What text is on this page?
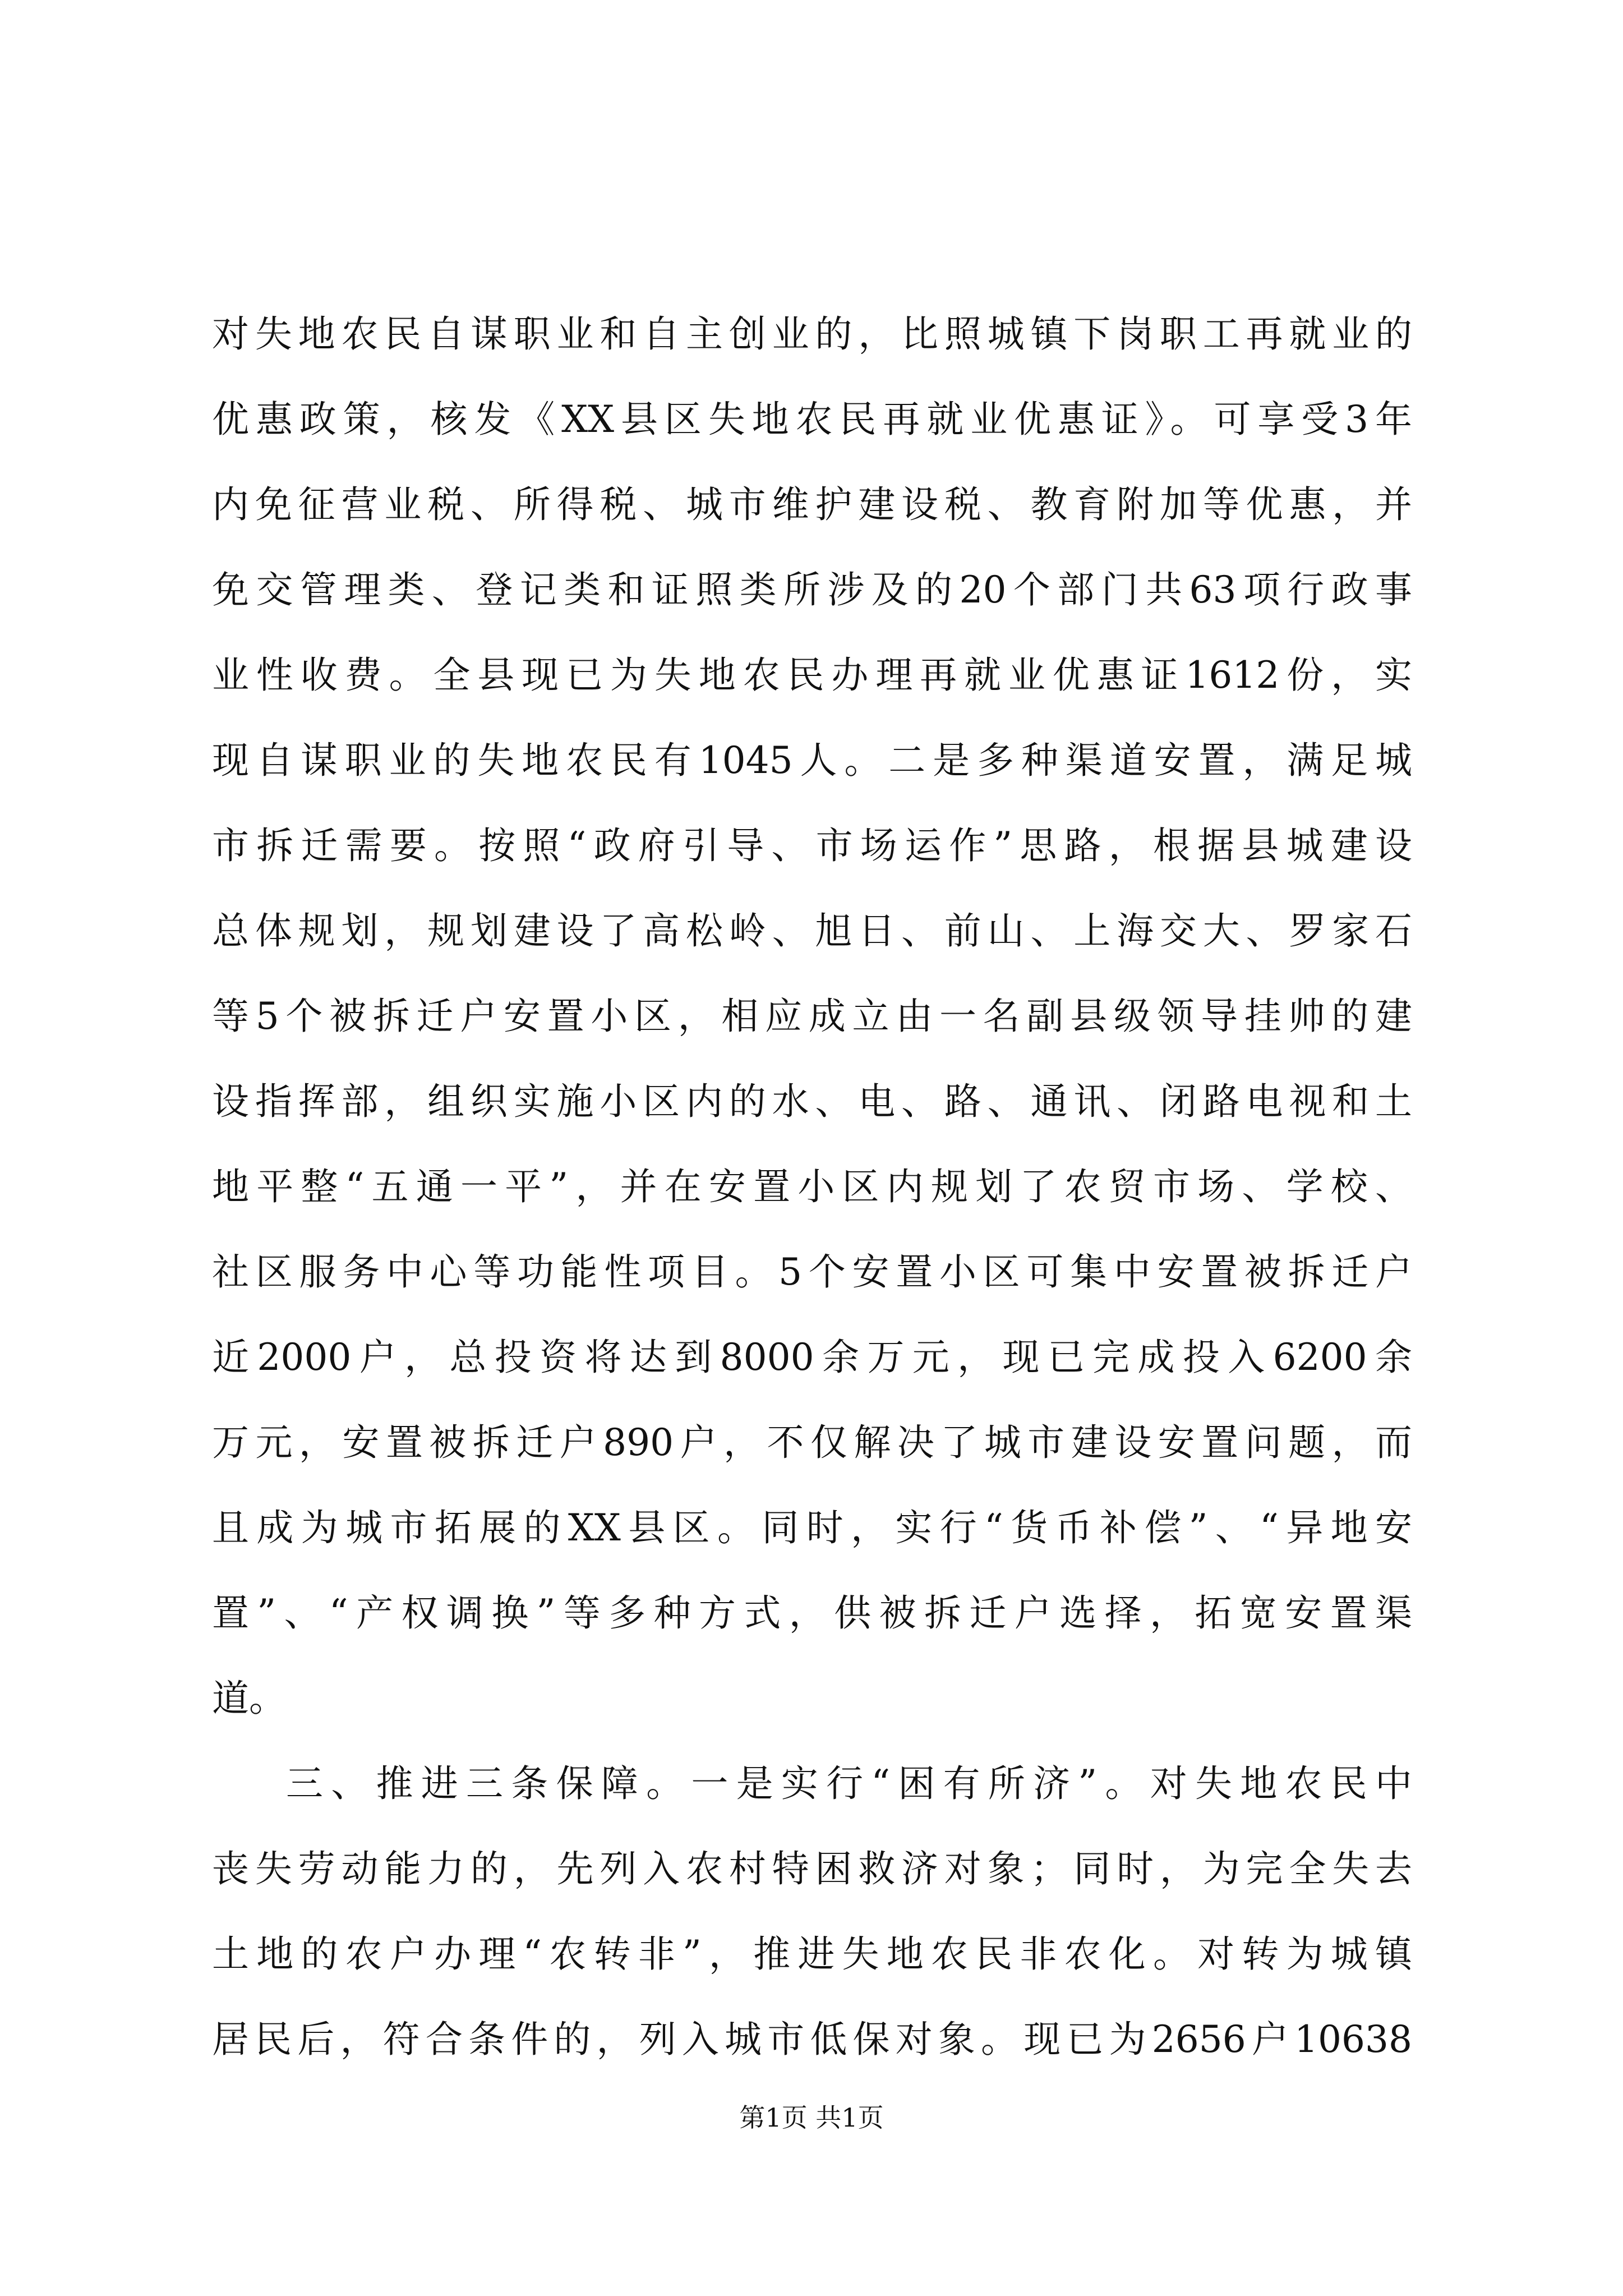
对失地农民自谋职业和自主创业的，比照城镇下岗职工再就业的
优惠政策，核发《XX县区失地农民再就业优惠证》。可享受3年
内免征营业税、所得税、城市维护建设税、教育附加等优惠，并
免交管理类、登记类和证照类所涉及的20个部门共63项行政事
业性收费。全县现已为失地农民办理再就业优惠证1612份，实
现自谋职业的失地农民有1045人。二是多种渠道安置，满足城
市拆迁需要。按照“政府引导、市场运作”思路，根据县城建设
总体规划，规划建设了高松岭、旭日、前山、上海交大、罗家石
等5个被拆迁户安置小区，相应成立由一名副县级领导挂帅的建
设指挥部，组织实施小区内的水、电、路、通讯、闭路电视和土
地平整“五通一平”，并在安置小区内规划了农贸市场、学校、
社区服务中心等功能性项目。5个安置小区可集中安置被拆迁户
近2000户，总投资将达到8000余万元，现已完成投入6200余
万元，安置被拆迁户890户，不仅解决了城市建设安置问题，而
且成为城市拓展的XX县区。同时，实行“货币补偿”、“异地安
置”、“产权调换”等多种方式，供被拆迁户选择，拓宽安置渠
道。
三、推进三条保障。一是实行“困有所济”。对失地农民中
丧失劳动能力的，先列入农村特困救济对象；同时，为完全失去
土地的农户办理“农转非”，推进失地农民非农化。对转为城镇
居民后，符合条件的，列入城市低保对象。现已为2656户10638
第1页 共1页
